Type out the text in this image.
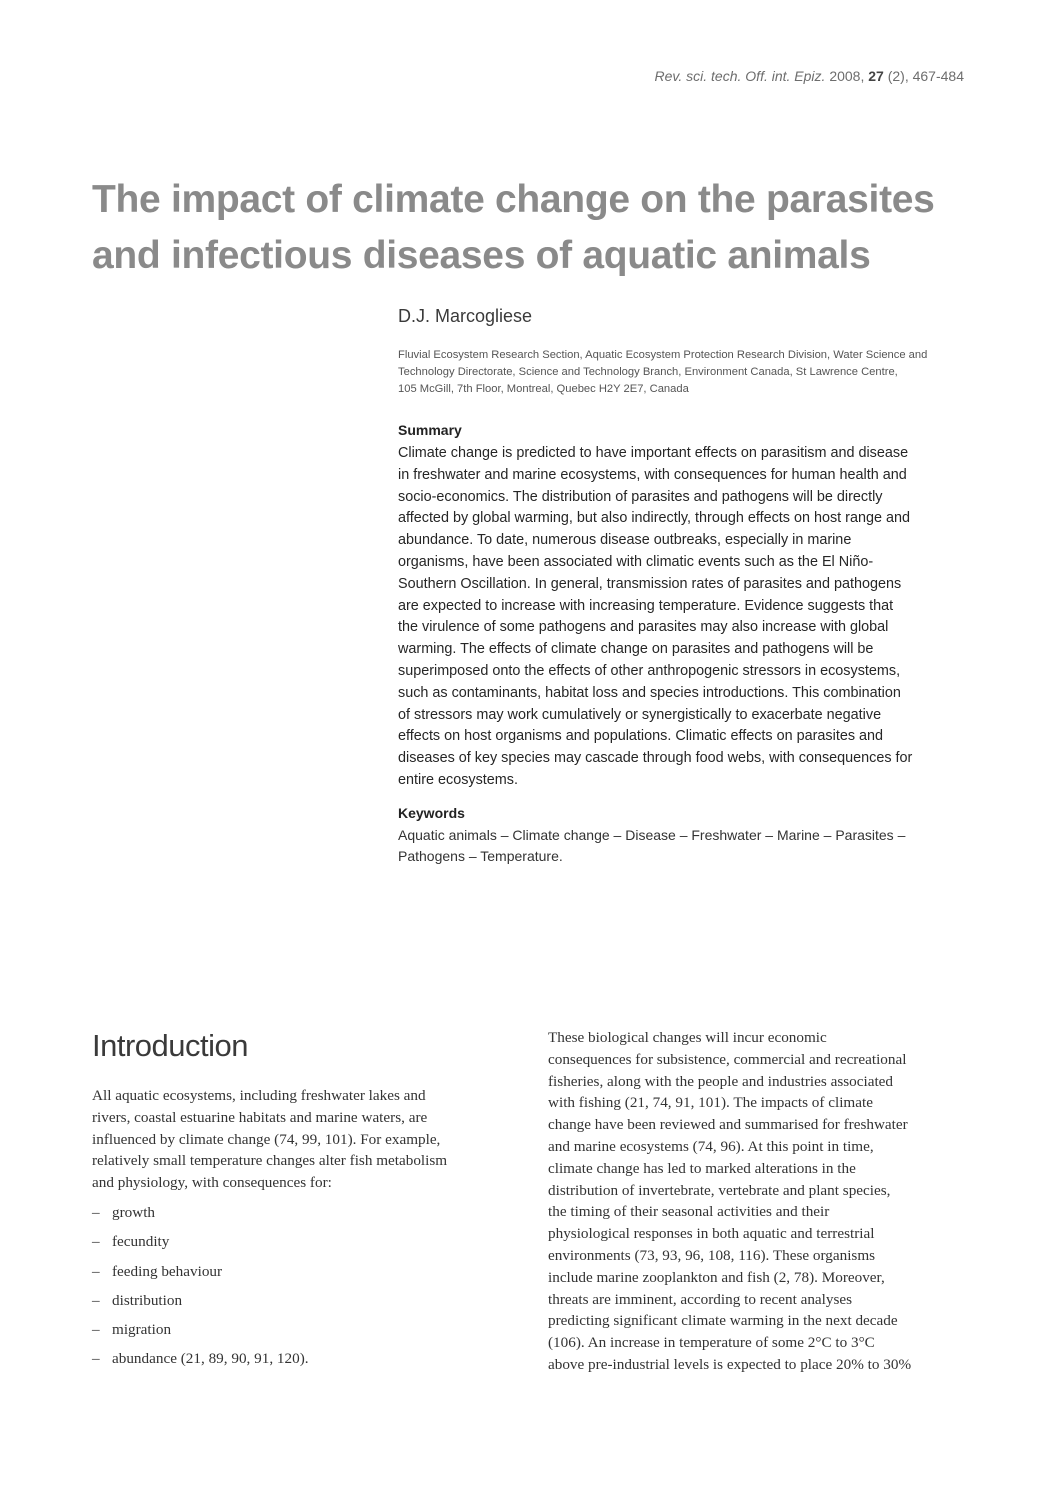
Rev. sci. tech. Off. int. Epiz. 2008, 27 (2), 467-484
The impact of climate change on the parasites
and infectious diseases of aquatic animals
D.J. Marcogliese
Fluvial Ecosystem Research Section, Aquatic Ecosystem Protection Research Division, Water Science and
Technology Directorate, Science and Technology Branch, Environment Canada, St Lawrence Centre,
105 McGill, 7th Floor, Montreal, Quebec H2Y 2E7, Canada
Summary

Climate change is predicted to have important effects on parasitism and disease
in freshwater and marine ecosystems, with consequences for human health and
socio-economics. The distribution of parasites and pathogens will be directly
affected by global warming, but also indirectly, through effects on host range and
abundance. To date, numerous disease outbreaks, especially in marine
organisms, have been associated with climatic events such as the El Niño-
Southern Oscillation. In general, transmission rates of parasites and pathogens
are expected to increase with increasing temperature. Evidence suggests that
the virulence of some pathogens and parasites may also increase with global
warming. The effects of climate change on parasites and pathogens will be
superimposed onto the effects of other anthropogenic stressors in ecosystems,
such as contaminants, habitat loss and species introductions. This combination
of stressors may work cumulatively or synergistically to exacerbate negative
effects on host organisms and populations. Climatic effects on parasites and
diseases of key species may cascade through food webs, with consequences for
entire ecosystems.

Keywords

Aquatic animals – Climate change – Disease – Freshwater – Marine – Parasites –
Pathogens – Temperature.

Introduction

All aquatic ecosystems, including freshwater lakes and
rivers, coastal estuarine habitats and marine waters, are
influenced by climate change (74, 99, 101). For example,
relatively small temperature changes alter fish metabolism
and physiology, with consequences for:

– growth
– fecundity
– feeding behaviour
– distribution
– migration
– abundance (21, 89, 90, 91, 120).

These biological changes will incur economic
consequences for subsistence, commercial and recreational
fisheries, along with the people and industries associated
with fishing (21, 74, 91, 101). The impacts of climate
change have been reviewed and summarised for freshwater
and marine ecosystems (74, 96). At this point in time,
climate change has led to marked alterations in the
distribution of invertebrate, vertebrate and plant species,
the timing of their seasonal activities and their
physiological responses in both aquatic and terrestrial
environments (73, 93, 96, 108, 116). These organisms
include marine zooplankton and fish (2, 78). Moreover,
threats are imminent, according to recent analyses
predicting significant climate warming in the next decade
(106). An increase in temperature of some 2°C to 3°C
above pre-industrial levels is expected to place 20% to 30%
